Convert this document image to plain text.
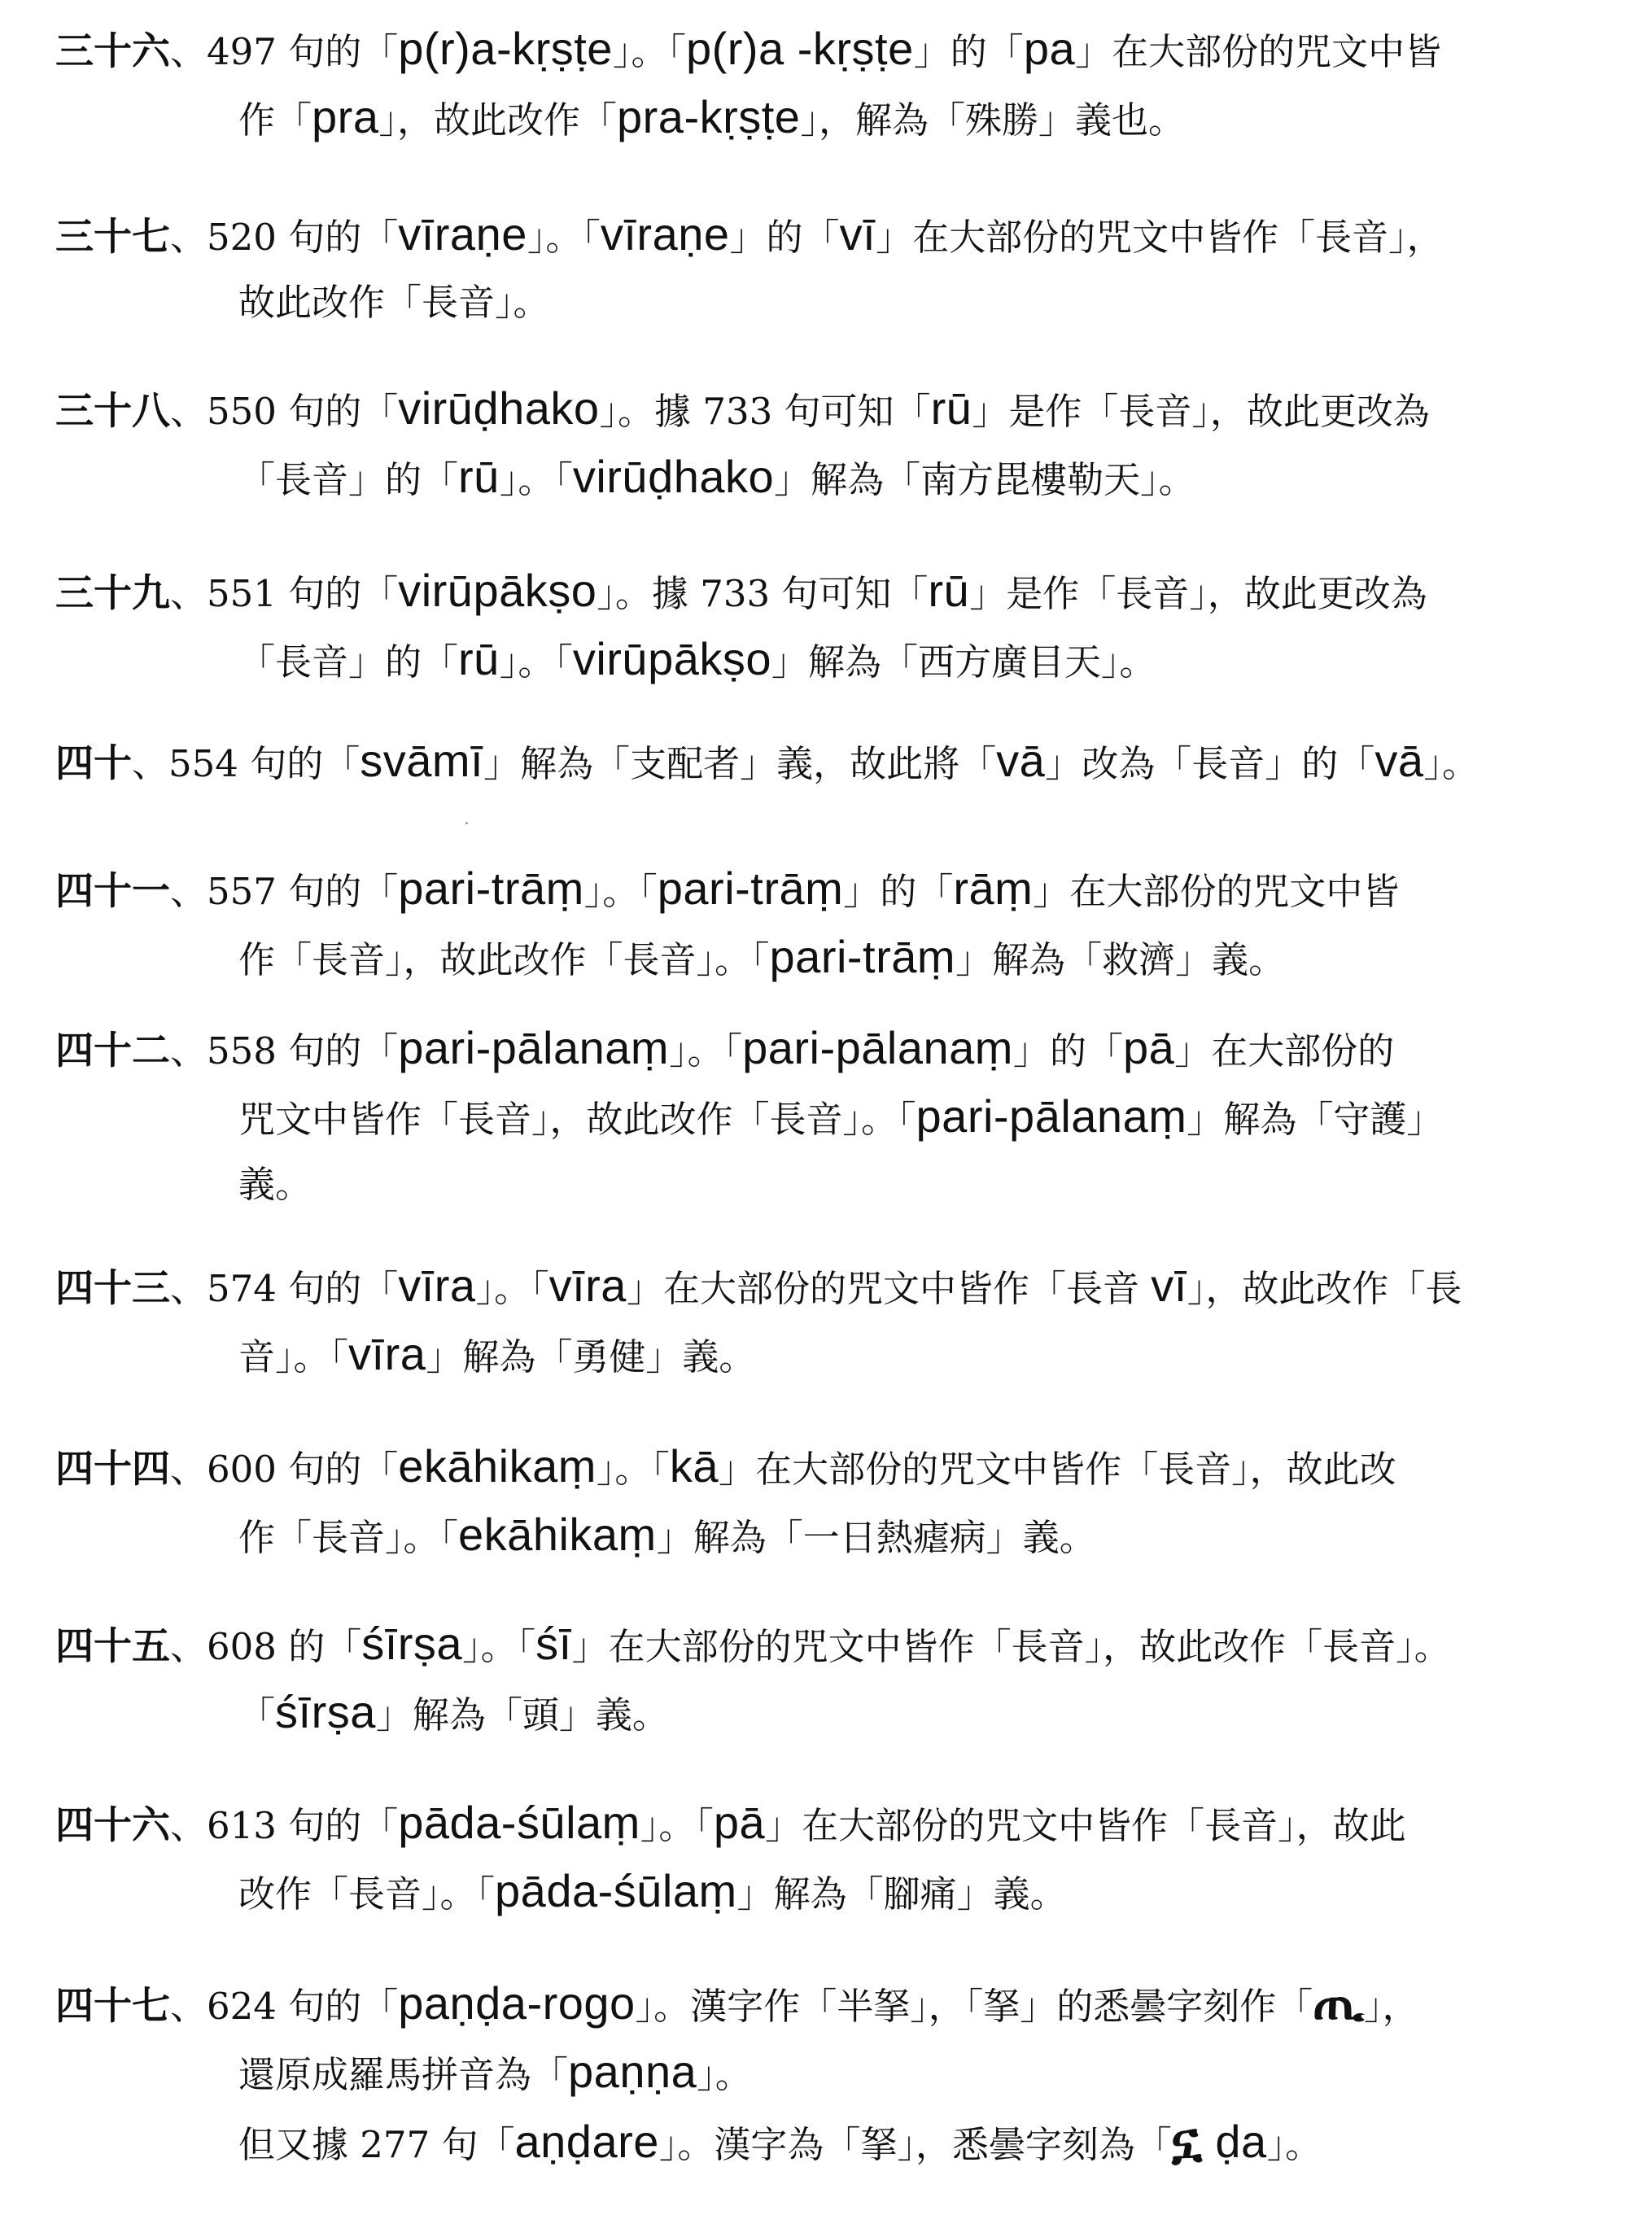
三十六、497 句的「p(r)a-kṛṣṭe」。「p(r)a -kṛṣṭe」的「pa」在大部份的咒文中皆
作「pra」，故此改作「pra-kṛṣṭe」，解為「殊勝」義也。
三十七、520 句的「vīraṇe」。「vīraṇe」的「vī」在大部份的咒文中皆作「長音」，
故此改作「長音」。
三十八、550 句的「virūḍhako」。據 733 句可知「rū」是作「長音」，故此更改為
「長音」的「rū」。「virūḍhako」解為「南方毘樓勒天」。
三十九、551 句的「virūpākṣo」。據 733 句可知「rū」是作「長音」，故此更改為
「長音」的「rū」。「virūpākṣo」解為「西方廣目天」。
四十、554 句的「svāmī」解為「支配者」義，故此將「vā」改為「長音」的「vā」。
四十一、557 句的「pari-trāṃ」。「pari-trāṃ」的「rāṃ」在大部份的咒文中皆
作「長音」，故此改作「長音」。「pari-trāṃ」解為「救濟」義。
四十二、558 句的「pari-pālanaṃ」。「pari-pālanaṃ」的「pā」在大部份的
咒文中皆作「長音」，故此改作「長音」。「pari-pālanaṃ」解為「守護」
義。
四十三、574 句的「vīra」。「vīra」在大部份的咒文中皆作「長音 vī」，故此改作「長
音」。「vīra」解為「勇健」義。
四十四、600 句的「ekāhikaṃ」。「kā」在大部份的咒文中皆作「長音」，故此改
作「長音」。「ekāhikaṃ」解為「一日熱瘧病」義。
四十五、608 的「śīrṣa」。「śī」在大部份的咒文中皆作「長音」，故此改作「長音」。
「śīrṣa」解為「頭」義。
四十六、613 句的「pāda-śūlaṃ」。「pā」在大部份的咒文中皆作「長音」，故此
改作「長音」。「pāda-śūlaṃ」解為「腳痛」義。
四十七、624 句的「paṇḍa-rogo」。漢字作「半拏」，「拏」的悉曇字刻作「ጢ」，
還原成羅馬拼音為「paṇṇa」。
但又據 277 句「aṇḍare」。漢字為「拏」，悉曇字刻為「ኗ ḍa」。
